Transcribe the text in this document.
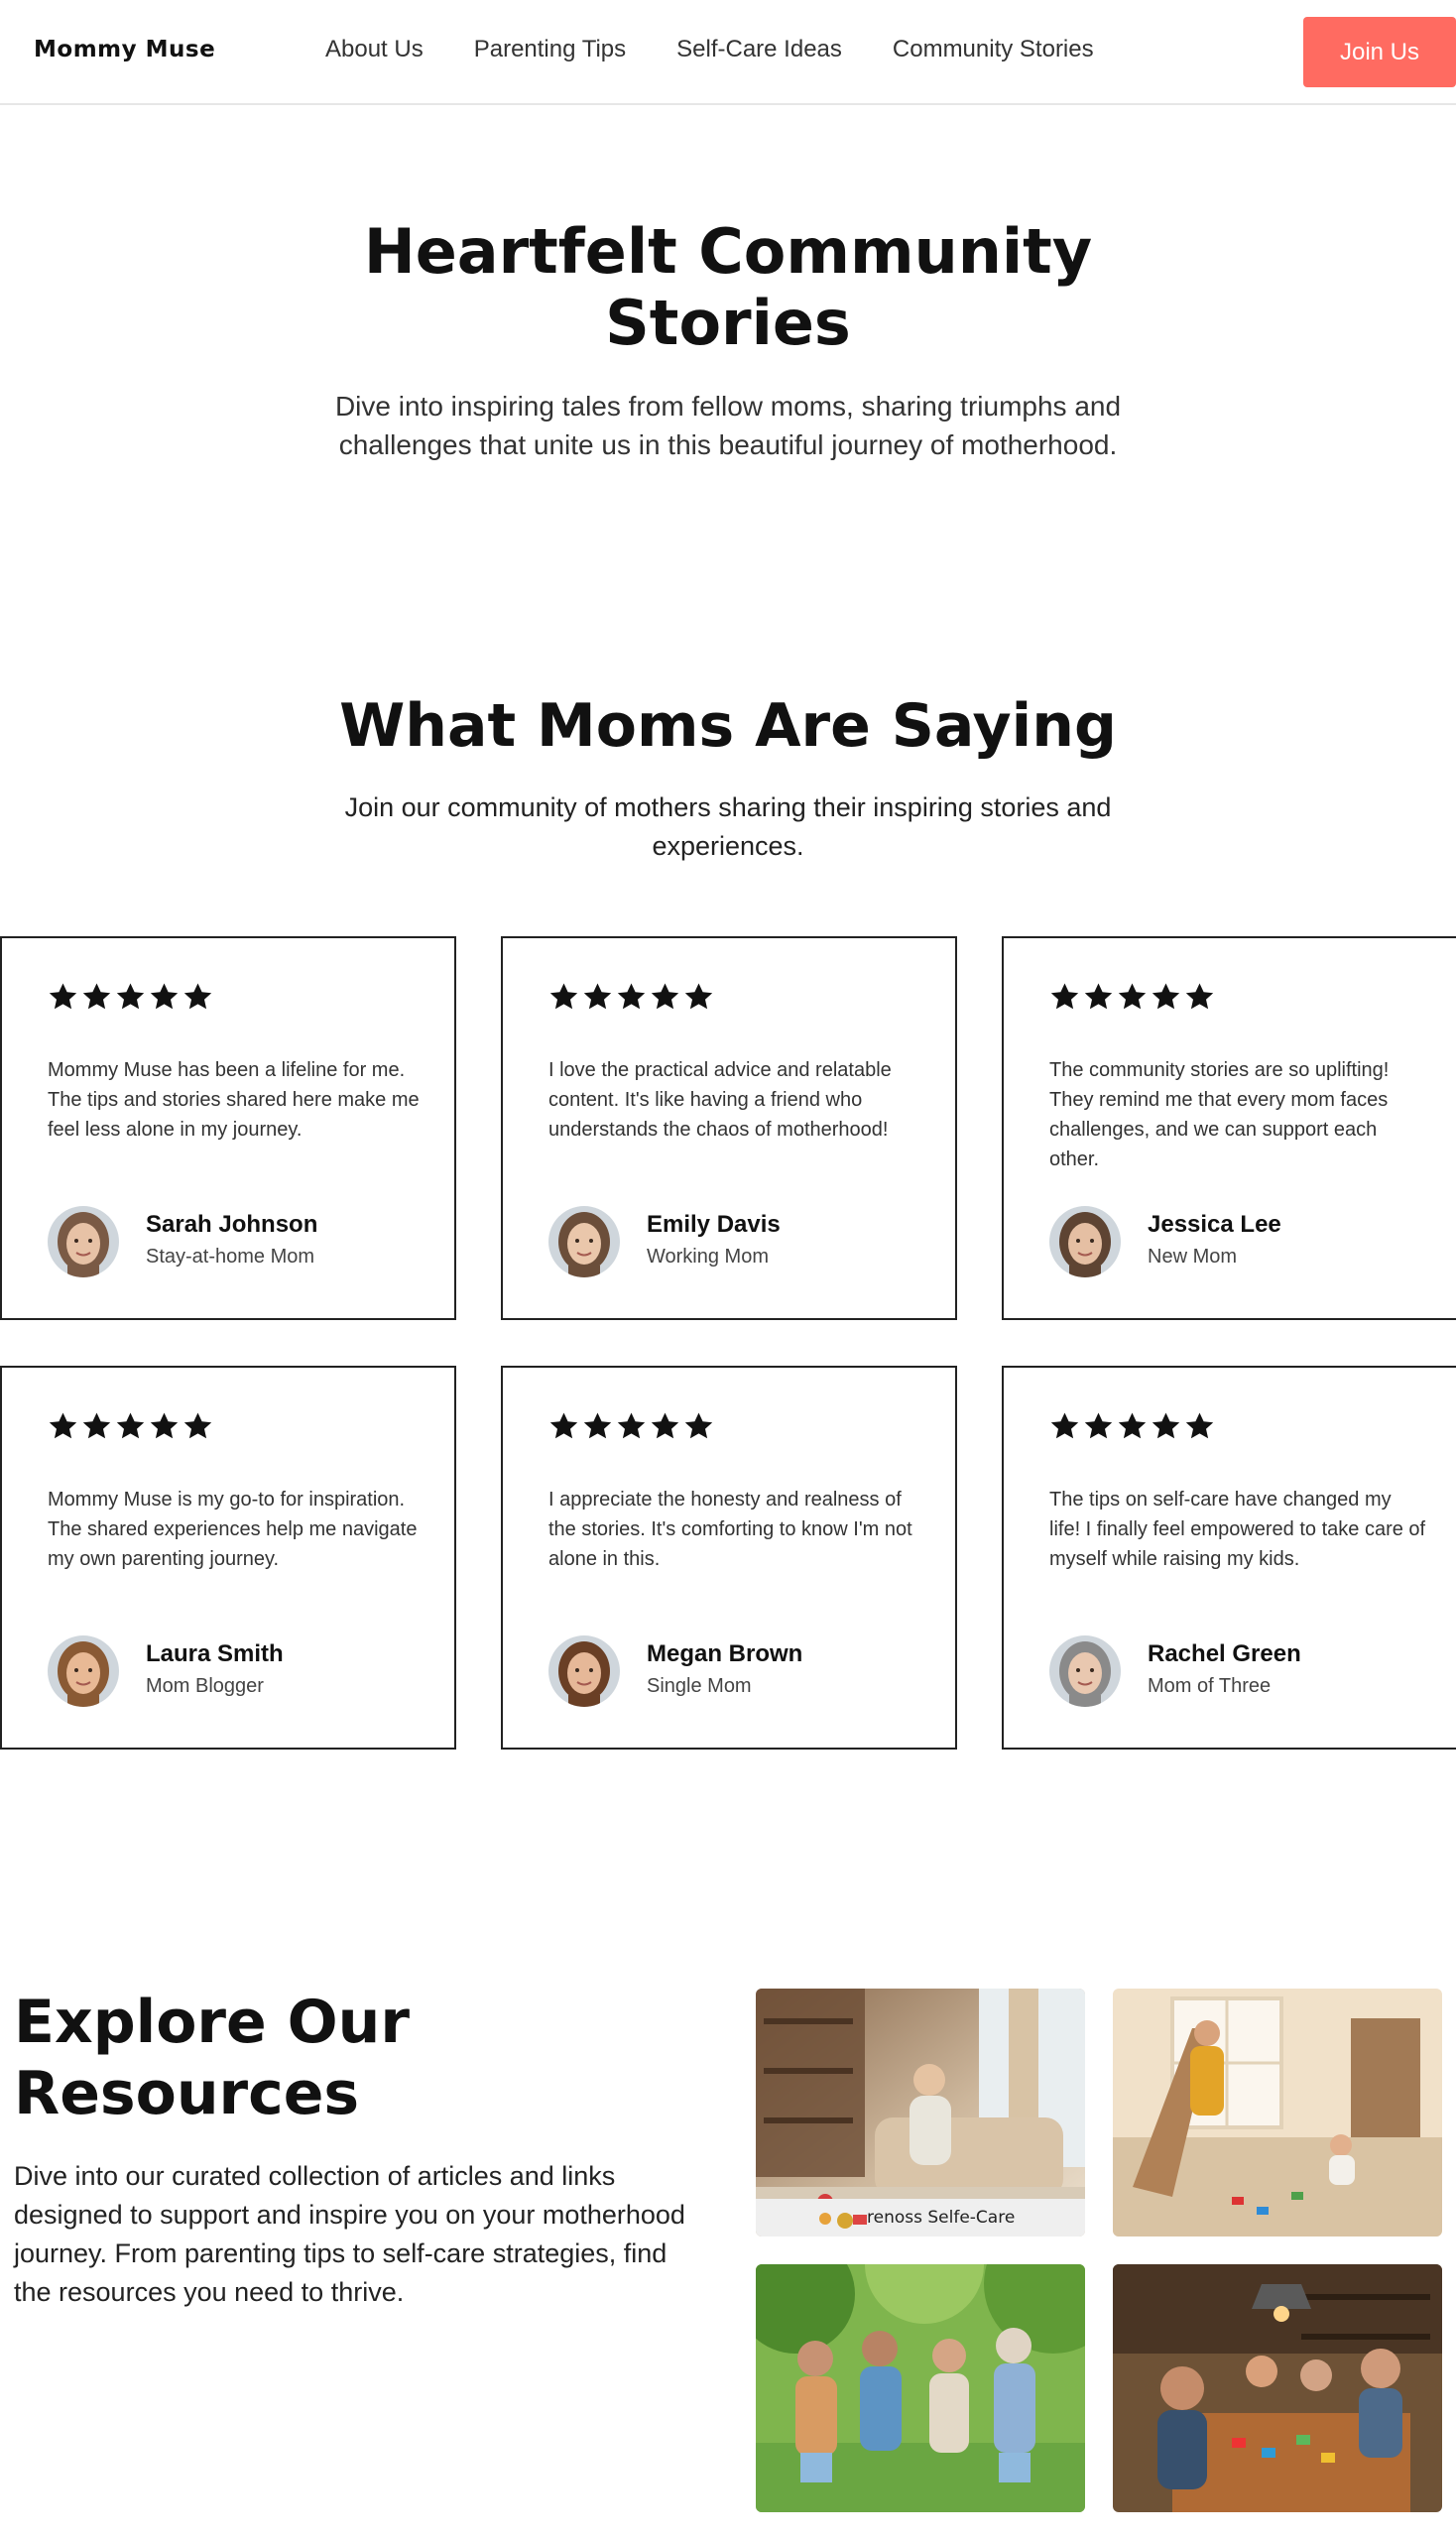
Mommy Muse	About Us Parenting Tips Self-Care Ideas Community Stories	Join Us
Heartfelt Community Stories

Dive into inspiring tales from fellow moms, sharing triumphs and challenges that unite us in this beautiful journey of motherhood.

What Moms Are Saying

Join our community of mothers sharing their inspiring stories and experiences.

Mommy Muse has been a lifeline for me. The tips and stories shared here make me feel less alone in my journey.

Sarah Johnson
Stay-at-home Mom

I love the practical advice and relatable content. It's like having a friend who understands the chaos of motherhood!

Emily Davis
Working Mom

The community stories are so uplifting! They remind me that every mom faces challenges, and we can support each other.

Jessica Lee
New Mom

Mommy Muse is my go-to for inspiration. The shared experiences help me navigate my own parenting journey.

Laura Smith
Mom Blogger

I appreciate the honesty and realness of the stories. It's comforting to know I'm not alone in this.

Megan Brown
Single Mom

The tips on self-care have changed my life! I finally feel empowered to take care of myself while raising my kids.

Rachel Green
Mom of Three
Explore Our Resources

Dive into our curated collection of articles and links designed to support and inspire you on your motherhood journey. From parenting tips to self-care strategies, find the resources you need to thrive.

renoss Selfe-Care
